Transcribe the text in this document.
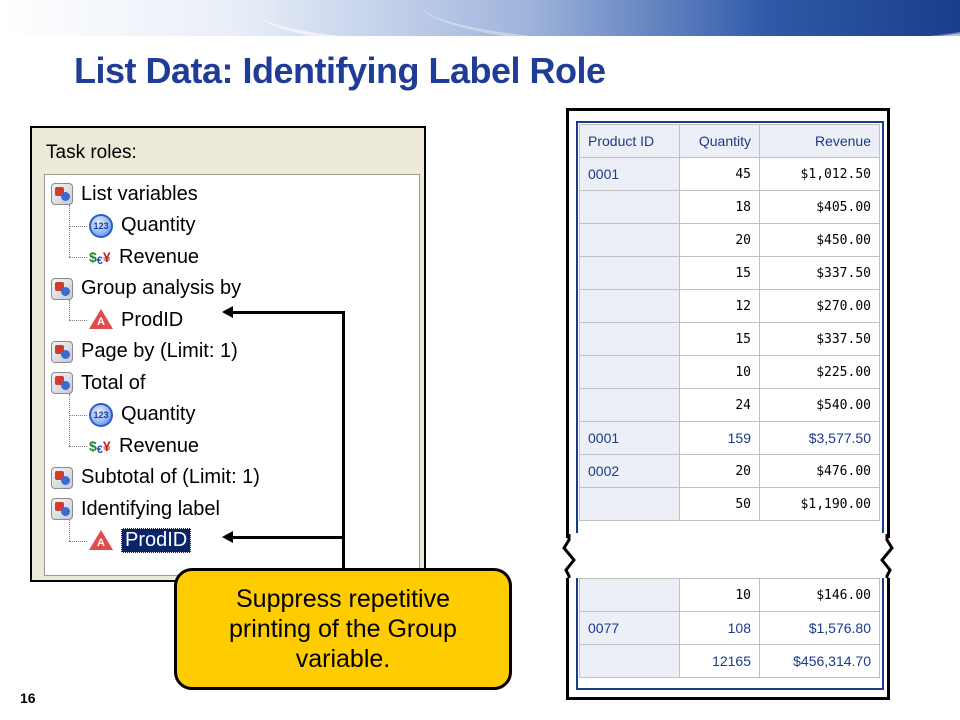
List Data: Identifying Label Role
Task roles:
List variables
123 Quantity
$ € ¥ Revenue
Group analysis by
A ProdID
Page by (Limit: 1)
Total of
123 Quantity
$ € ¥ Revenue
Subtotal of (Limit: 1)
Identifying label
A	ProdID
Suppress repetitive printing of the Group variable.
Product ID	Quantity	Revenue
0001	45	$1,012.50
	18	$405.00
	20	$450.00
	15	$337.50
	12	$270.00
	15	$337.50
	10	$225.00
	24	$540.00
0001	159	$3,577.50
0002	20	$476.00
	50	$1,190.00
	10	$146.00
0077	108	$1,576.80
	12165	$456,314.70
16
